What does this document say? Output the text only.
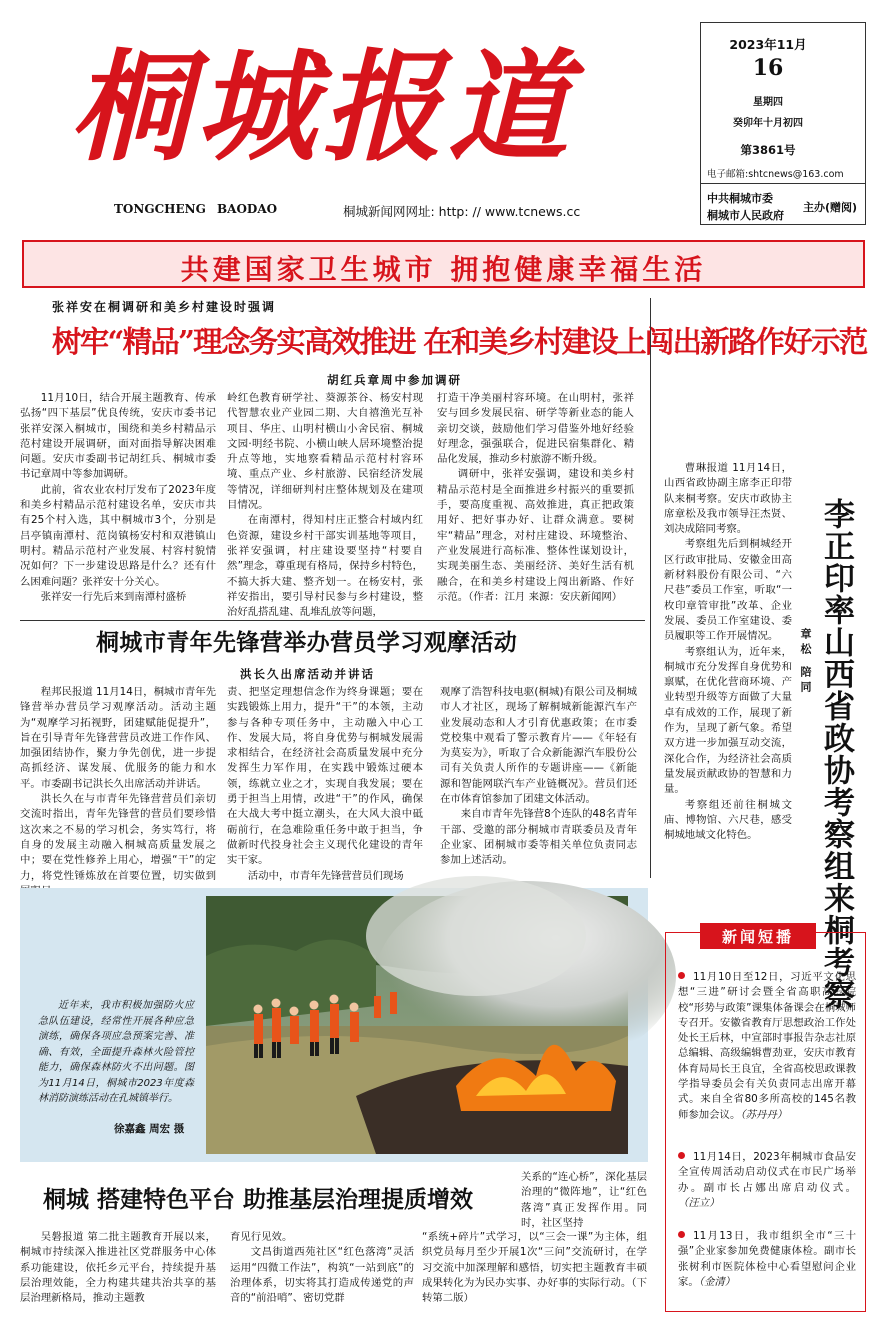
桐城报道
TONGCHENG BAODAO	桐城新闻网网址: http: // www.tcnews.cc
2023年11月
16
星期四
癸卯年十月初四
第3861号
电子邮箱:shtcnews@163.com
中共桐城市委
桐城市人民政府
主办(赠阅)
共建国家卫生城市 拥抱健康幸福生活
张祥安在桐调研和美乡村建设时强调
树牢“精品”理念务实高效推进 在和美乡村建设上闯出新路作好示范
胡红兵章周中参加调研

11月10日，结合开展主题教育、传承弘扬“四下基层”优良传统，安庆市委书记张祥安深入桐城市，围绕和美乡村精品示范村建设开展调研，面对面指导解决困难问题。安庆市委副书记胡红兵、桐城市委书记章周中等参加调研。

此前，省农业农村厅发布了2023年度和美乡村精品示范村建设名单，安庆市共有25个村入选，其中桐城市3个，分别是吕亭镇南潭村、范岗镇杨安村和双港镇山明村。精品示范村产业发展、村容村貌情况如何？下一步建设思路是什么？还有什么困难问题？张祥安十分关心。

张祥安一行先后来到南潭村盛桥

岭红色教育研学社、葵源茶谷、杨安村现代智慧农业产业园二期、大自禧渔光互补项目、华庄、山明村横山小舍民宿、桐城文园·明经书院、小横山峡人居环境整治提升点等地，实地察看精品示范村村容环境、重点产业、乡村旅游、民宿经济发展等情况，详细研判村庄整体规划及在建项目情况。

在南潭村，得知村庄正整合村域内红色资源，建设乡村干部实训基地等项目，张祥安强调，村庄建设要坚持“村要自然”理念，尊重现有格局，保持乡村特色，不搞大拆大建、整齐划一。在杨安村，张祥安指出，要引导村民参与乡村建设，整治好乱搭乱建、乱堆乱放等问题，

打造干净美丽村容环境。在山明村，张祥安与回乡发展民宿、研学等新业态的能人亲切交谈，鼓励他们学习借鉴外地好经验好理念，强强联合，促进民宿集群化、精品化发展，推动乡村旅游不断升级。

调研中，张祥安强调，建设和美乡村精品示范村是全面推进乡村振兴的重要抓手，要高度重视、高效推进，真正把政策用好、把好事办好、让群众满意。要树牢“精品”理念，对村庄建设、环境整治、产业发展进行高标准、整体性谋划设计，实现美丽生态、美丽经济、美好生活有机融合，在和美乡村建设上闯出新路、作好示范。（作者：江月 来源：安庆新闻网）	李正印率山西省政协考察组来桐考察
章松 陪同

曹琳报道 11月14日，山西省政协副主席李正印带队来桐考察。安庆市政协主席章松及我市领导汪杰贤、刘决成陪同考察。

考察组先后到桐城经开区行政审批局、安徽金田高新材料股份有限公司、“六尺巷”委员工作室，听取“一枚印章管审批”改革、企业发展、委员工作室建设、委员履职等工作开展情况。

考察组认为，近年来，桐城市充分发挥自身优势和禀赋，在优化营商环境、产业转型升级等方面做了大量卓有成效的工作，展现了新作为，呈现了新气象。希望双方进一步加强互动交流，深化合作，为经济社会高质量发展贡献政协的智慧和力量。

考察组还前往桐城文庙、博物馆、六尺巷，感受桐城地域文化特色。

桐城市青年先锋营举办营员学习观摩活动
洪长久出席活动并讲话

程邦民报道 11月14日，桐城市青年先锋营举办营员学习观摩活动。活动主题为“观摩学习拓视野，团建赋能促提升”，旨在引导青年先锋营营员改进工作作风、加强团结协作，聚力争先创优，进一步提高抓经济、谋发展、优服务的能力和水平。市委副书记洪长久出席活动并讲话。

洪长久在与市青年先锋营营员们亲切交流时指出，青年先锋营的营员们要珍惜这次来之不易的学习机会，务实笃行，将自身的发展主动融入桐城高质量发展之中；要在党性修养上用心，增强“干”的定力，将党性锤炼放在首要位置，切实做到

责、把坚定理想信念作为终身课题；要在实践锻炼上用力，提升“干”的本领，主动参与各种专项任务中，主动融入中心工作、发展大局，将自身优势与桐城发展需求相结合，在经济社会高质量发展中充分发挥生力军作用，在实践中锻炼过硬本领，练就立业之才，实现自我发展；要在勇于担当上用情，改进“干”的作风，确保在大战大考中挺立潮头，在大风大浪中砥砺前行，在急难险重任务中敢于担当，争做新时代投身社会主义现代化建设的青年实干家。

活动中，市青年先锋营营员们现场

观摩了浩智科技电驱(桐城)有限公司及桐城市人才社区，现场了解桐城新能源汽车产业发展动态和人才引育优惠政策；在市委党校集中观看了警示教育片——《年轻有为莫妄为》，听取了合众新能源汽车股份公司有关负责人所作的专题讲座——《新能源和智能网联汽车产业链概况》。营员们还在市体育馆参加了团建文体活动。

来自市青年先锋营8个连队的48名青年干部、受邀的部分桐城市青联委员及青年企业家、团桐城市委等相关单位负责同志参加上述活动。

近年来，我市积极加强防火应急队伍建设，经常性开展各种应急演练，确保各项应急预案完善、准确、有效，全面提升森林火险管控能力，确保森林防火不出问题。图为11月14日，桐城市2023年度森林消防演练活动在孔城镇举行。

徐嘉鑫 周宏 摄
新闻短播

11月10日至12日，习近平文化思想“三进”研讨会暨全省高职高专院校“形势与政策”课集体备课会在桐城师专召开。安徽省教育厅思想政治工作处处长王后林，中宣部时事报告杂志社原总编辑、高级编辑曹劲亚，安庆市教育体育局局长王良宜，全省高校思政课教学指导委员会有关负责同志出席开幕式。来自全省80多所高校的145名教师参加会议。（苏丹丹）

11月14日，2023年桐城市食品安全宣传周活动启动仪式在市民广场举办。副市长占娜出席启动仪式。（汪立）

11月13日，我市组织全市“三十强”企业家参加免费健康体检。副市长张树利市医院体检中心看望慰问企业家。（金清）

桐城 搭建特色平台 助推基层治理提质增效

关系的“连心桥”，深化基层治理的“微阵地”，让“红色落湾”真正发挥作用。同时，社区坚持

吴磐报道 第二批主题教育开展以来，桐城市持续深入推进社区党群服务中心体系功能建设，依托乡元平台，持续提升基层治理效能，全力构建共建共治共享的基层治理新格局，推动主题教

育见行见效。

文昌街道西苑社区“红色落湾”灵活运用“四微工作法”，构筑“一站到底”的治理体系，切实将其打造成传递党的声音的“前沿哨”、密切党群

“系统+碎片”式学习，以“三会一课”为主体，组织党员每月至少开展1次“三问”交流研讨，在学习交流中加深理解和感悟，切实把主题教育丰硕成果转化为为民办实事、办好事的实际行动。（下转第二版）
